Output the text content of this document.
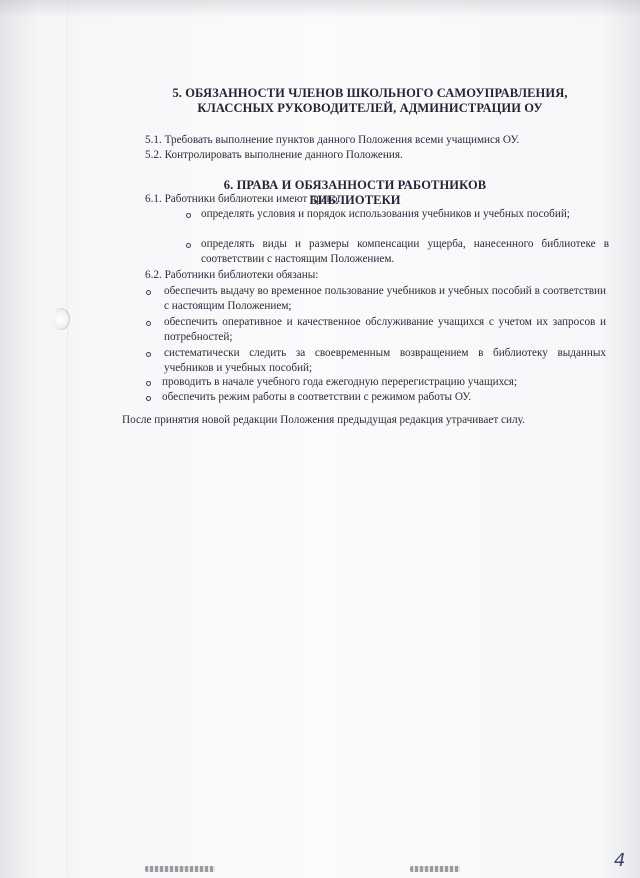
5. ОБЯЗАННОСТИ ЧЛЕНОВ ШКОЛЬНОГО САМОУПРАВЛЕНИЯ,
КЛАССНЫХ РУКОВОДИТЕЛЕЙ, АДМИНИСТРАЦИИ ОУ
5.1. Требовать выполнение пунктов данного Положения всеми учащимися ОУ.
5.2. Контролировать выполнение данного Положения.
6. ПРАВА И ОБЯЗАННОСТИ РАБОТНИКОВ БИБЛИОТЕКИ
6.1. Работники библиотеки имеют право:
определять условия и порядок использования учебников и учебных пособий;
определять виды и размеры компенсации ущерба, нанесенного библиотеке в соответствии с настоящим Положением.
6.2. Работники библиотеки обязаны:
обеспечить выдачу во временное пользование учебников и учебных пособий в соответствии с настоящим Положением;
обеспечить оперативное и качественное обслуживание учащихся с учетом их запросов и потребностей;
систематически следить за своевременным возвращением в библиотеку выданных учебников и учебных пособий;
проводить в начале учебного года ежегодную перерегистрацию учащихся;
обеспечить режим работы в соответствии с режимом работы ОУ.
После принятия новой редакции Положения предыдущая редакция утрачивает силу.
4
